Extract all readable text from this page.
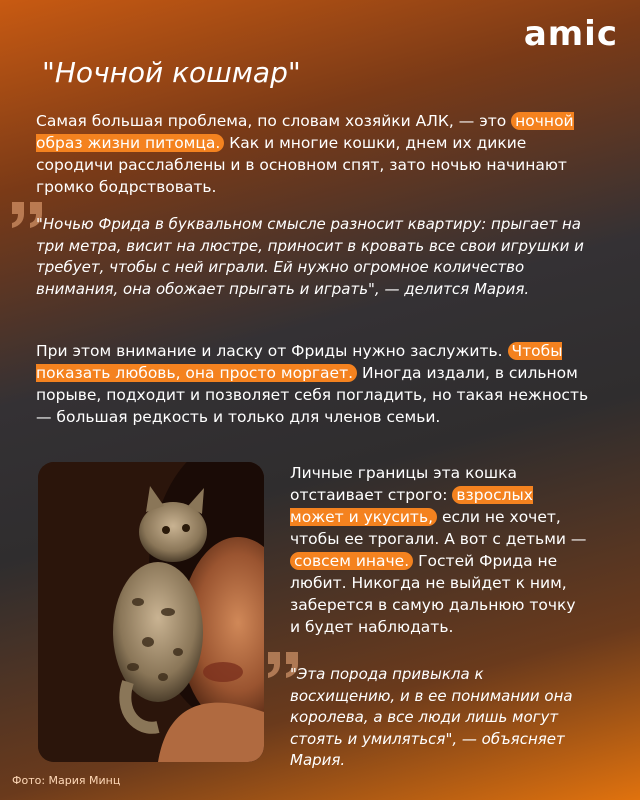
amic
"Ночной кошмар"

Самая большая проблема, по словам хозяйки АЛК, — это ночной образ жизни питомца. Как и многие кошки, днем их дикие сородичи расслаблены и в основном спят, зато ночью начинают громко бодрствовать.

"Ночью Фрида в буквальном смысле разносит квартиру: прыгает на три метра, висит на люстре, приносит в кровать все свои игрушки и требует, чтобы с ней играли. Ей нужно огромное количество внимания, она обожает прыгать и играть", — делится Мария.

При этом внимание и ласку от Фриды нужно заслужить. Чтобы показать любовь, она просто моргает. Иногда издали, в сильном порыве, подходит и позволяет себя погладить, но такая нежность — большая редкость и только для членов семьи.

Личные границы эта кошка отстаивает строго: взрослых может и укусить, если не хочет, чтобы ее трогали. А вот с детьми — совсем иначе. Гостей Фрида не любит. Никогда не выйдет к ним, заберется в самую дальнюю точку и будет наблюдать.

"Эта порода привыкла к восхищению, и в ее понимании она королева, а все люди лишь могут стоять и умиляться", — объясняет Мария.

Фото: Мария Минц
